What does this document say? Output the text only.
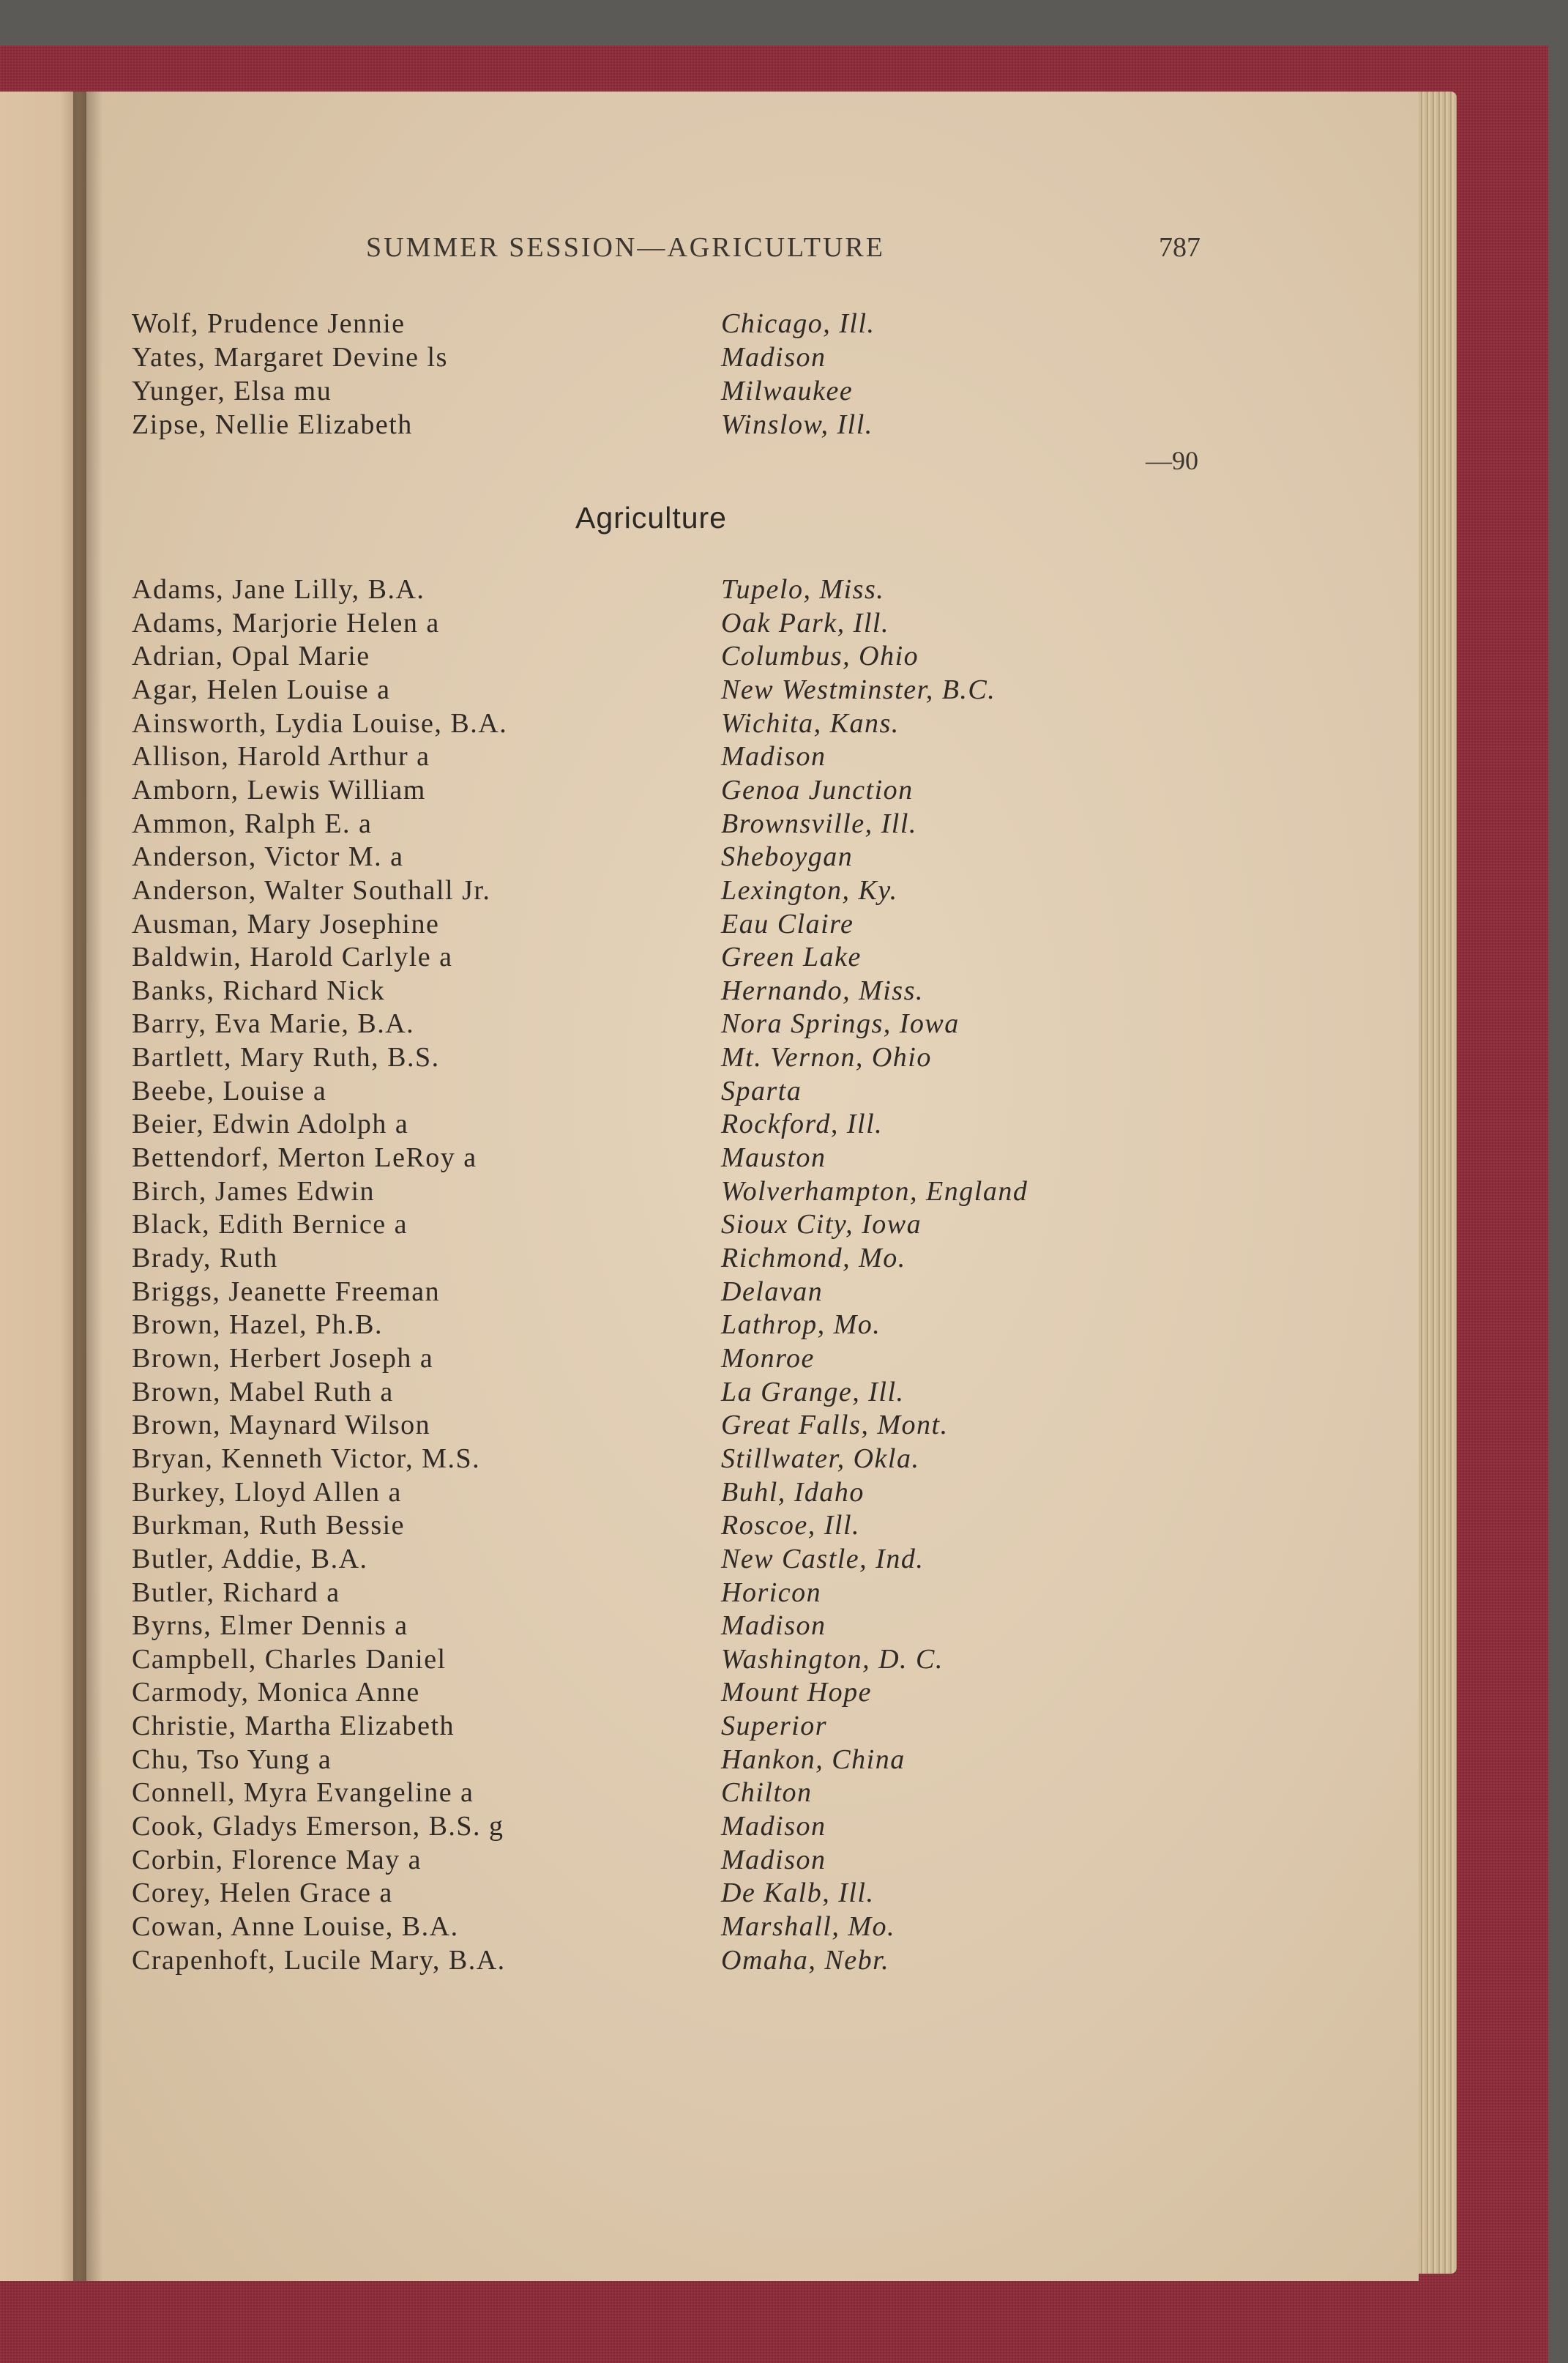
SUMMER SESSION—AGRICULTURE	787
Wolf, Prudence Jennie	Chicago, Ill.
Yates, Margaret Devine ls	Madison
Yunger, Elsa mu	Milwaukee
Zipse, Nellie Elizabeth	Winslow, Ill.
—90
Agriculture
Adams, Jane Lilly, B.A.	Tupelo, Miss.
Adams, Marjorie Helen a	Oak Park, Ill.
Adrian, Opal Marie	Columbus, Ohio
Agar, Helen Louise a	New Westminster, B.C.
Ainsworth, Lydia Louise, B.A.	Wichita, Kans.
Allison, Harold Arthur a	Madison
Amborn, Lewis William	Genoa Junction
Ammon, Ralph E. a	Brownsville, Ill.
Anderson, Victor M. a	Sheboygan
Anderson, Walter Southall Jr.	Lexington, Ky.
Ausman, Mary Josephine	Eau Claire
Baldwin, Harold Carlyle a	Green Lake
Banks, Richard Nick	Hernando, Miss.
Barry, Eva Marie, B.A.	Nora Springs, Iowa
Bartlett, Mary Ruth, B.S.	Mt. Vernon, Ohio
Beebe, Louise a	Sparta
Beier, Edwin Adolph a	Rockford, Ill.
Bettendorf, Merton LeRoy a	Mauston
Birch, James Edwin	Wolverhampton, England
Black, Edith Bernice a	Sioux City, Iowa
Brady, Ruth	Richmond, Mo.
Briggs, Jeanette Freeman	Delavan
Brown, Hazel, Ph.B.	Lathrop, Mo.
Brown, Herbert Joseph a	Monroe
Brown, Mabel Ruth a	La Grange, Ill.
Brown, Maynard Wilson	Great Falls, Mont.
Bryan, Kenneth Victor, M.S.	Stillwater, Okla.
Burkey, Lloyd Allen a	Buhl, Idaho
Burkman, Ruth Bessie	Roscoe, Ill.
Butler, Addie, B.A.	New Castle, Ind.
Butler, Richard a	Horicon
Byrns, Elmer Dennis a	Madison
Campbell, Charles Daniel	Washington, D. C.
Carmody, Monica Anne	Mount Hope
Christie, Martha Elizabeth	Superior
Chu, Tso Yung a	Hankon, China
Connell, Myra Evangeline a	Chilton
Cook, Gladys Emerson, B.S. g	Madison
Corbin, Florence May a	Madison
Corey, Helen Grace a	De Kalb, Ill.
Cowan, Anne Louise, B.A.	Marshall, Mo.
Crapenhoft, Lucile Mary, B.A.	Omaha, Nebr.
